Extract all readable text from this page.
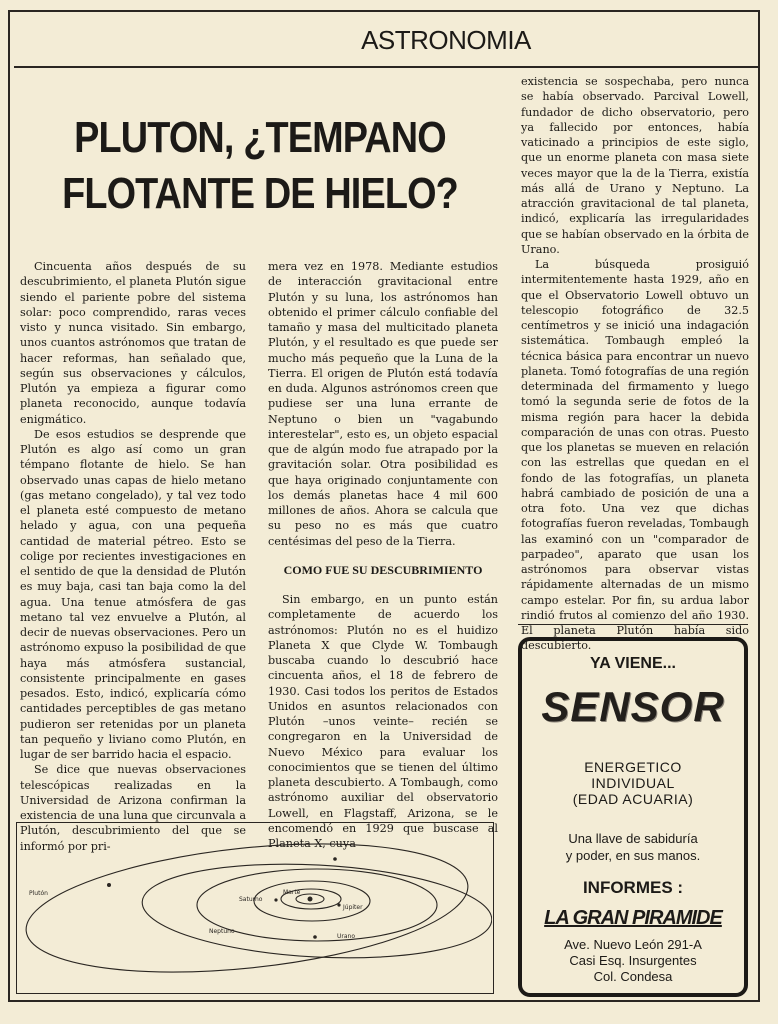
ASTRONOMIA
PLUTON, ¿TEMPANO
FLOTANTE DE HIELO?

Cincuenta años después de su descubrimiento, el planeta Plutón sigue siendo el pariente pobre del sistema solar: poco comprendido, raras veces visto y nunca visitado. Sin embargo, unos cuantos astrónomos que tratan de hacer reformas, han señalado que, según sus observaciones y cálculos, Plutón ya empieza a figurar como planeta reconocido, aunque todavía enigmático.

De esos estudios se desprende que Plutón es algo así como un gran témpano flotante de hielo. Se han observado unas capas de hielo metano (gas metano congelado), y tal vez todo el planeta esté compuesto de metano helado y agua, con una pequeña cantidad de material pétreo. Esto se colige por recientes investigaciones en el sentido de que la densidad de Plutón es muy baja, casi tan baja como la del agua. Una tenue atmósfera de gas metano tal vez envuelve a Plutón, al decir de nuevas observaciones. Pero un astrónomo expuso la posibilidad de que haya más atmósfera sustancial, consistente principalmente en gases pesados. Esto, indicó, explicaría cómo cantidades perceptibles de gas metano pudieron ser retenidas por un planeta tan pequeño y liviano como Plutón, en lugar de ser barrido hacia el espacio.

Se dice que nuevas observaciones telescópicas realizadas en la Universidad de Arizona confirman la existencia de una luna que circunvala a Plutón, descubrimiento del que se informó por pri-

mera vez en 1978. Mediante estudios de interacción gravitacional entre Plutón y su luna, los astrónomos han obtenido el primer cálculo confiable del tamaño y masa del multicitado planeta Plutón, y el resultado es que puede ser mucho más pequeño que la Luna de la Tierra. El origen de Plutón está todavía en duda. Algunos astrónomos creen que pudiese ser una luna errante de Neptuno o bien un "vagabundo interestelar", esto es, un objeto espacial que de algún modo fue atrapado por la gravitación solar. Otra posibilidad es que haya originado conjuntamente con los demás planetas hace 4 mil 600 millones de años. Ahora se calcula que su peso no es más que cuatro centésimas del peso de la Tierra.

COMO FUE SU DESCUBRIMIENTO

Sin embargo, en un punto están completamente de acuerdo los astrónomos: Plutón no es el huidizo Planeta X que Clyde W. Tombaugh buscaba cuando lo descubrió hace cincuenta años, el 18 de febrero de 1930. Casi todos los peritos de Estados Unidos en asuntos relacionados con Plutón –unos veinte– recién se congregaron en la Universidad de Nuevo México para evaluar los conocimientos que se tienen del último planeta descubierto. A Tombaugh, como astrónomo auxiliar del observatorio Lowell, en Flagstaff, Arizona, se le encomendó en 1929 que buscase al Planeta X, cuya

existencia se sospechaba, pero nunca se había observado. Parcival Lowell, fundador de dicho observatorio, pero ya fallecido por entonces, había vaticinado a principios de este siglo, que un enorme planeta con masa siete veces mayor que la de la Tierra, existía más allá de Urano y Neptuno. La atracción gravitacional de tal planeta, indicó, explicaría las irregularidades que se habían observado en la órbita de Urano.

La búsqueda prosiguió intermitentemente hasta 1929, año en que el Observatorio Lowell obtuvo un telescopio fotográfico de 32.5 centímetros y se inició una indagación sistemática. Tombaugh empleó la técnica básica para encontrar un nuevo planeta. Tomó fotografías de una región determinada del firmamento y luego tomó la segunda serie de fotos de la misma región para hacer la debida comparación de unas con otras. Puesto que los planetas se mueven en relación con las estrellas que quedan en el fondo de las fotografías, un planeta habrá cambiado de posición de una a otra foto. Una vez que dichas fotografías fueron reveladas, Tombaugh las examinó con un "comparador de parpadeo", aparato que usan los astrónomos para observar vistas rápidamente alternadas de un mismo campo estelar. Por fin, su ardua labor rindió frutos al comienzo del año 1930. El planeta Plutón había sido descubierto.

Plutón
Neptuno
Urano
Saturno
Júpiter
Marte
YA VIENE...
SENSOR
ENERGETICO
INDIVIDUAL
(EDAD ACUARIA)
Una llave de sabiduría
y poder, en sus manos.
INFORMES :
LA GRAN PIRAMIDE
Ave. Nuevo León 291-A
Casi Esq. Insurgentes
Col. Condesa
